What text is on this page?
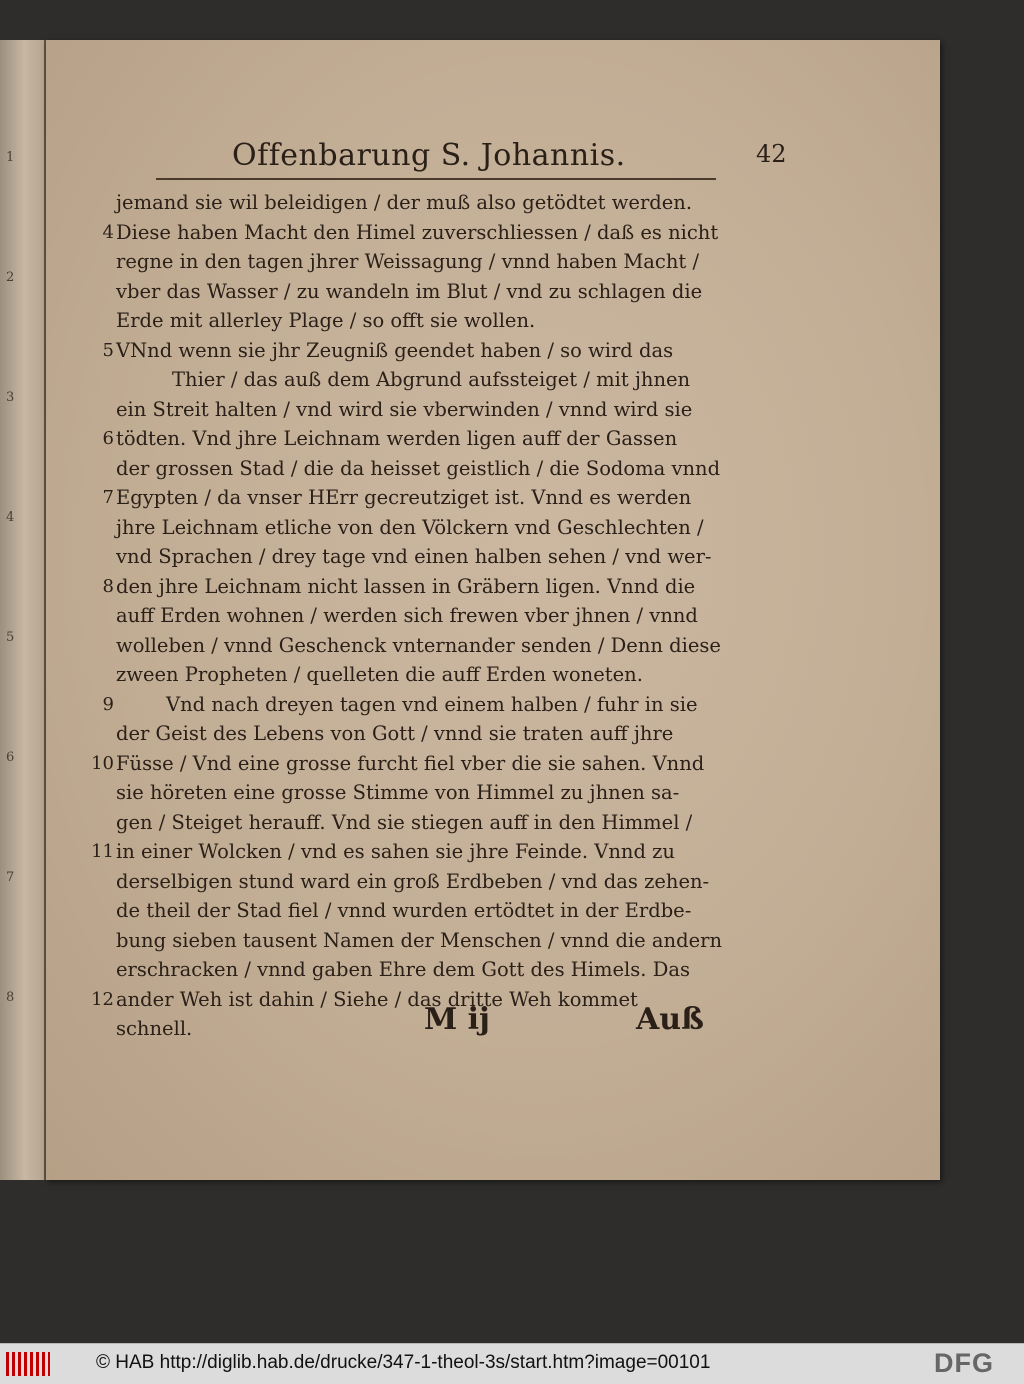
1
2
3
4
5
6
7
8
Offenbarung S. Johannis.	42
jemand sie wil beleidigen / der muß also getödtet werden.
4 Diese haben Macht den Himel zuverschliessen / daß es nicht
regne in den tagen jhrer Weissagung / vnnd haben Macht /
vber das Wasser / zu wandeln im Blut / vnd zu schlagen die
Erde mit allerley Plage / so offt sie wollen.
5 VNnd wenn sie jhr Zeugniß geendet haben / so wird das
Thier / das auß dem Abgrund aufssteiget / mit jhnen
ein Streit halten / vnd wird sie vberwinden / vnnd wird sie
6 tödten. Vnd jhre Leichnam werden ligen auff der Gassen
der grossen Stad / die da heisset geistlich / die Sodoma vnnd
7 Egypten / da vnser HErr gecreutziget ist. Vnnd es werden
jhre Leichnam etliche von den Völckern vnd Geschlechten /
vnd Sprachen / drey tage vnd einen halben sehen / vnd wer-
8 den jhre Leichnam nicht lassen in Gräbern ligen. Vnnd die
auff Erden wohnen / werden sich frewen vber jhnen / vnnd
wolleben / vnnd Geschenck vnternander senden / Denn diese
zween Propheten / quelleten die auff Erden woneten.
9	Vnd nach dreyen tagen vnd einem halben / fuhr in sie
der Geist des Lebens von Gott / vnnd sie traten auff jhre
10 Füsse / Vnd eine grosse furcht fiel vber die sie sahen. Vnnd
sie höreten eine grosse Stimme von Himmel zu jhnen sa-
gen / Steiget herauff. Vnd sie stiegen auff in den Himmel /
11 in einer Wolcken / vnd es sahen sie jhre Feinde. Vnnd zu
derselbigen stund ward ein groß Erdbeben / vnd das zehen-
de theil der Stad fiel / vnnd wurden ertödtet in der Erdbe-
bung sieben tausent Namen der Menschen / vnnd die andern
erschracken / vnnd gaben Ehre dem Gott des Himels. Das
12 ander Weh ist dahin / Siehe / das dritte Weh kommet
schnell.	M ij	Auß
© HAB http://diglib.hab.de/drucke/347-1-theol-3s/start.htm?image=00101	DFG
